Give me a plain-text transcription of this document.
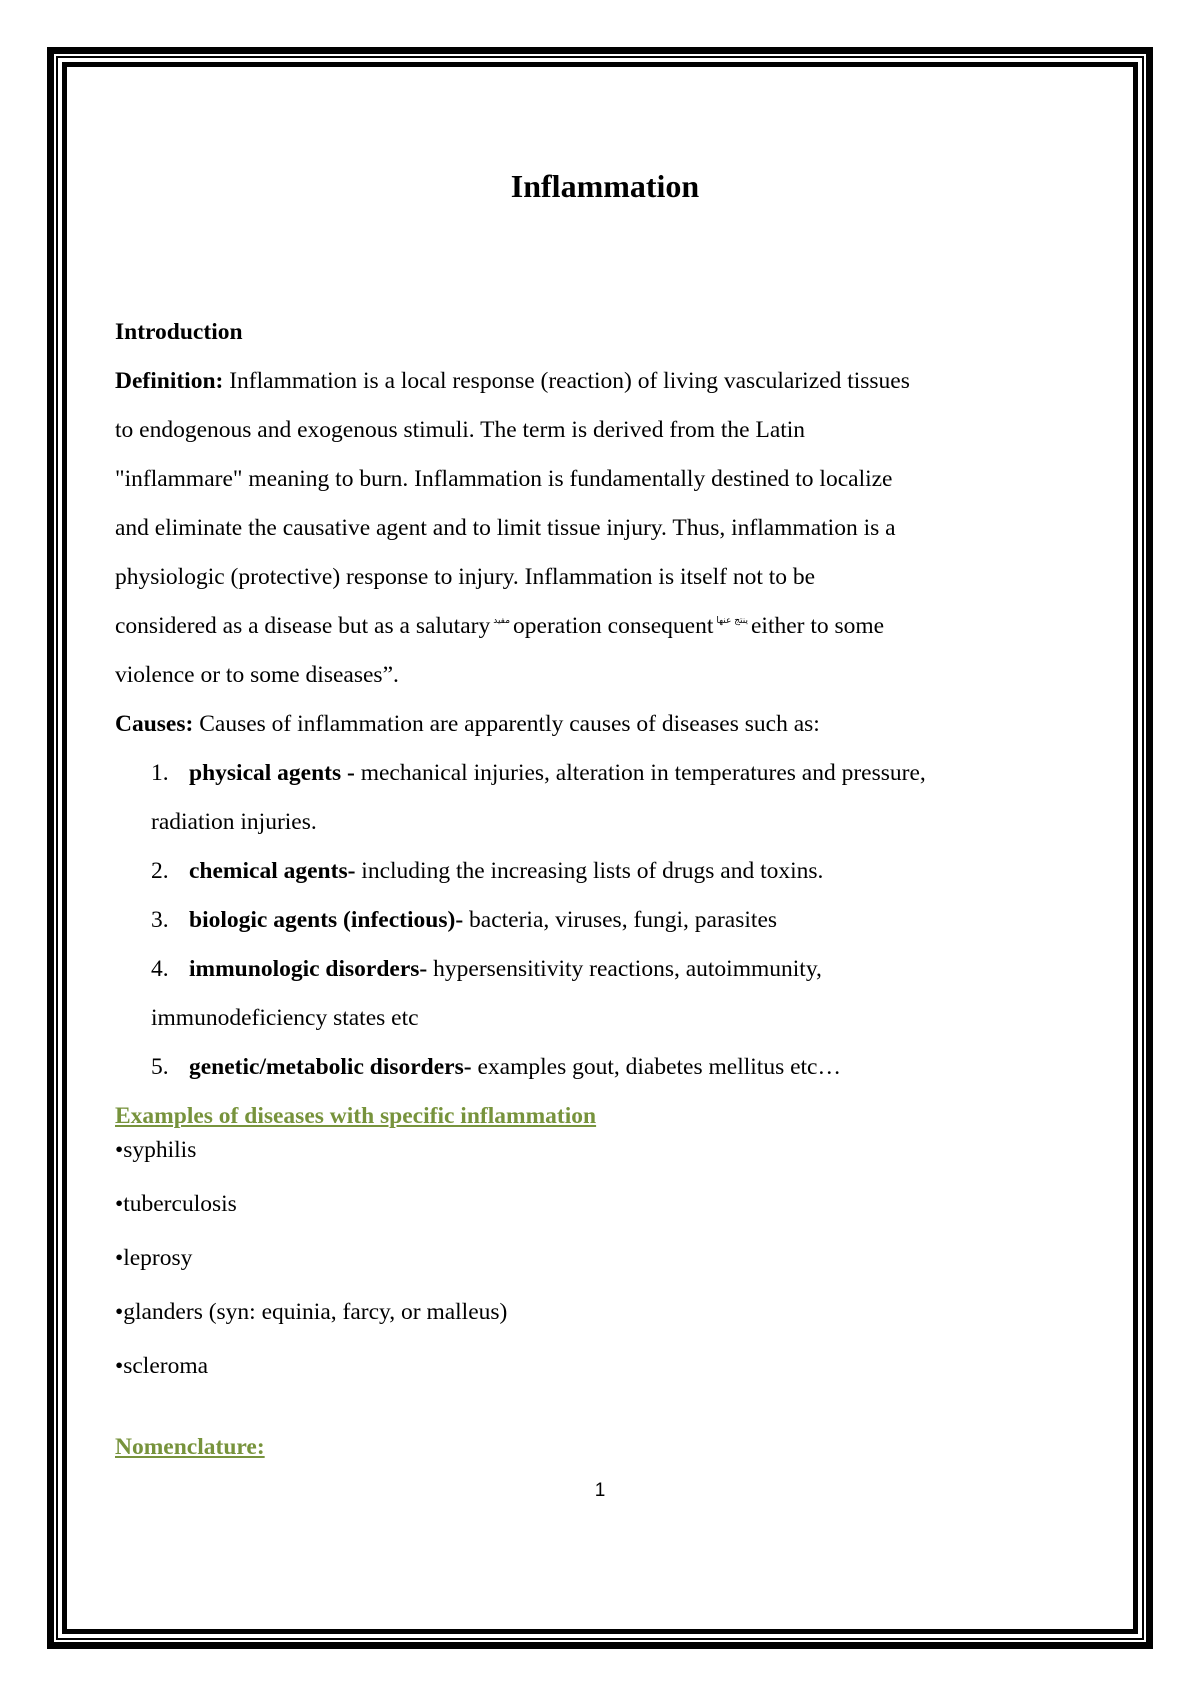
Inflammation
Introduction
Definition: Inflammation is a local response (reaction) of living vascularized tissues
to endogenous and exogenous stimuli. The term is derived from the Latin
"inflammare" meaning to burn. Inflammation is fundamentally destined to localize
and eliminate the causative agent and to limit tissue injury. Thus, inflammation is a
physiologic (protective) response to injury. Inflammation is itself not to be
considered as a disease but as a salutary $^{مفيد}$ operation consequent $^{ينتج عنها}$ either to some
violence or to some diseases”.
Causes: Causes of inflammation are apparently causes of diseases such as:
1. physical agents - mechanical injuries, alteration in temperatures and pressure,
radiation injuries.
2. chemical agents- including the increasing lists of drugs and toxins.
3. biologic agents (infectious)- bacteria, viruses, fungi, parasites
4. immunologic disorders- hypersensitivity reactions, autoimmunity,
immunodeficiency states etc
5. genetic/metabolic disorders- examples gout, diabetes mellitus etc…
Examples of diseases with specific inflammation
•syphilis
•tuberculosis
•leprosy
•glanders (syn: equinia, farcy, or malleus)
•scleroma
Nomenclature:
1
